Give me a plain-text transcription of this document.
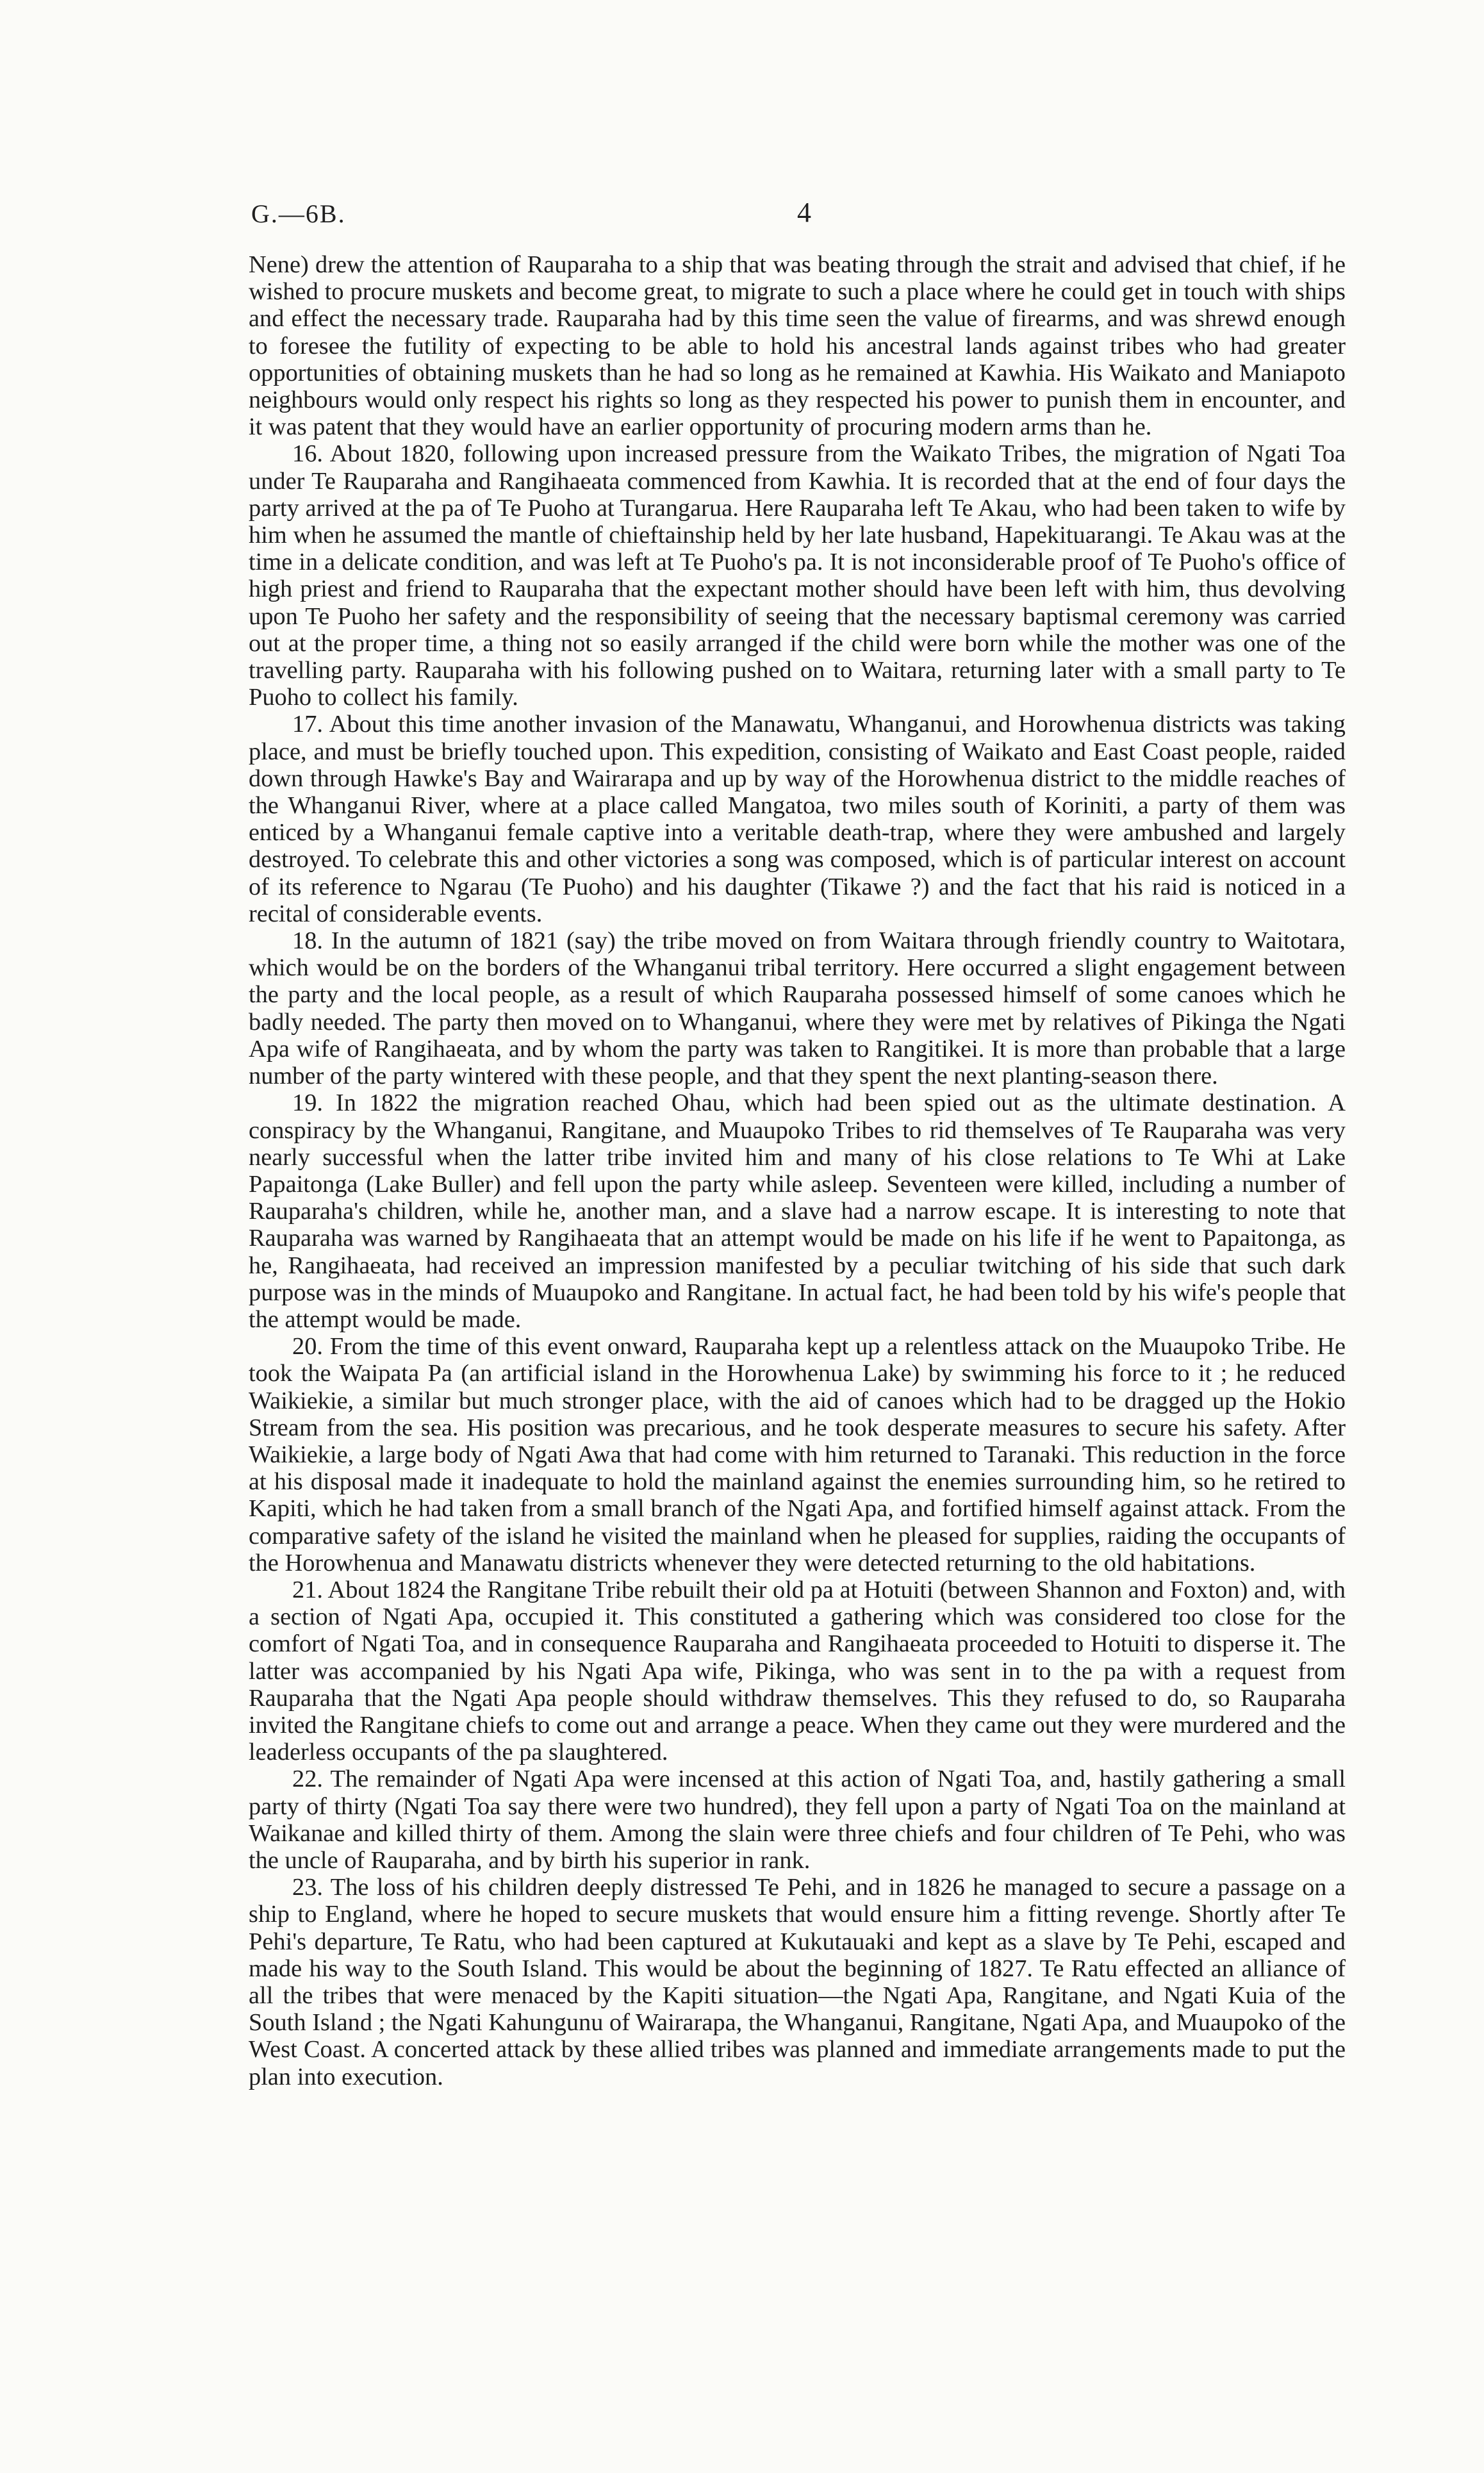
G.—6B.	4

Nene) drew the attention of Rauparaha to a ship that was beating through the strait and advised that chief, if he wished to procure muskets and become great, to migrate to such a place where he could get in touch with ships and effect the necessary trade. Rauparaha had by this time seen the value of firearms, and was shrewd enough to foresee the futility of expecting to be able to hold his ancestral lands against tribes who had greater opportunities of obtaining muskets than he had so long as he remained at Kawhia. His Waikato and Maniapoto neighbours would only respect his rights so long as they respected his power to punish them in encounter, and it was patent that they would have an earlier opportunity of procuring modern arms than he.

16. About 1820, following upon increased pressure from the Waikato Tribes, the migration of Ngati Toa under Te Rauparaha and Rangihaeata commenced from Kawhia. It is recorded that at the end of four days the party arrived at the pa of Te Puoho at Turangarua. Here Rauparaha left Te Akau, who had been taken to wife by him when he assumed the mantle of chieftainship held by her late husband, Hapekituarangi. Te Akau was at the time in a delicate condition, and was left at Te Puoho's pa. It is not inconsiderable proof of Te Puoho's office of high priest and friend to Rauparaha that the expectant mother should have been left with him, thus devolving upon Te Puoho her safety and the responsibility of seeing that the necessary baptismal ceremony was carried out at the proper time, a thing not so easily arranged if the child were born while the mother was one of the travelling party. Rauparaha with his following pushed on to Waitara, returning later with a small party to Te Puoho to collect his family.

17. About this time another invasion of the Manawatu, Whanganui, and Horowhenua districts was taking place, and must be briefly touched upon. This expedition, consisting of Waikato and East Coast people, raided down through Hawke's Bay and Wairarapa and up by way of the Horowhenua district to the middle reaches of the Whanganui River, where at a place called Mangatoa, two miles south of Koriniti, a party of them was enticed by a Whanganui female captive into a veritable death-trap, where they were ambushed and largely destroyed. To celebrate this and other victories a song was composed, which is of particular interest on account of its reference to Ngarau (Te Puoho) and his daughter (Tikawe ?) and the fact that his raid is noticed in a recital of considerable events.

18. In the autumn of 1821 (say) the tribe moved on from Waitara through friendly country to Waitotara, which would be on the borders of the Whanganui tribal territory. Here occurred a slight engagement between the party and the local people, as a result of which Rauparaha possessed himself of some canoes which he badly needed. The party then moved on to Whanganui, where they were met by relatives of Pikinga the Ngati Apa wife of Rangihaeata, and by whom the party was taken to Rangitikei. It is more than probable that a large number of the party wintered with these people, and that they spent the next planting-season there.

19. In 1822 the migration reached Ohau, which had been spied out as the ultimate destination. A conspiracy by the Whanganui, Rangitane, and Muaupoko Tribes to rid themselves of Te Rauparaha was very nearly successful when the latter tribe invited him and many of his close relations to Te Whi at Lake Papaitonga (Lake Buller) and fell upon the party while asleep. Seventeen were killed, including a number of Rauparaha's children, while he, another man, and a slave had a narrow escape. It is interesting to note that Rauparaha was warned by Rangihaeata that an attempt would be made on his life if he went to Papaitonga, as he, Rangihaeata, had received an impression manifested by a peculiar twitching of his side that such dark purpose was in the minds of Muaupoko and Rangitane. In actual fact, he had been told by his wife's people that the attempt would be made.

20. From the time of this event onward, Rauparaha kept up a relentless attack on the Muaupoko Tribe. He took the Waipata Pa (an artificial island in the Horowhenua Lake) by swimming his force to it ; he reduced Waikiekie, a similar but much stronger place, with the aid of canoes which had to be dragged up the Hokio Stream from the sea. His position was precarious, and he took desperate measures to secure his safety. After Waikiekie, a large body of Ngati Awa that had come with him returned to Taranaki. This reduction in the force at his disposal made it inadequate to hold the mainland against the enemies surrounding him, so he retired to Kapiti, which he had taken from a small branch of the Ngati Apa, and fortified himself against attack. From the comparative safety of the island he visited the mainland when he pleased for supplies, raiding the occupants of the Horowhenua and Manawatu districts whenever they were detected returning to the old habitations.

21. About 1824 the Rangitane Tribe rebuilt their old pa at Hotuiti (between Shannon and Foxton) and, with a section of Ngati Apa, occupied it. This constituted a gathering which was considered too close for the comfort of Ngati Toa, and in consequence Rauparaha and Rangihaeata proceeded to Hotuiti to disperse it. The latter was accompanied by his Ngati Apa wife, Pikinga, who was sent in to the pa with a request from Rauparaha that the Ngati Apa people should withdraw themselves. This they refused to do, so Rauparaha invited the Rangitane chiefs to come out and arrange a peace. When they came out they were murdered and the leaderless occupants of the pa slaughtered.

22. The remainder of Ngati Apa were incensed at this action of Ngati Toa, and, hastily gathering a small party of thirty (Ngati Toa say there were two hundred), they fell upon a party of Ngati Toa on the mainland at Waikanae and killed thirty of them. Among the slain were three chiefs and four children of Te Pehi, who was the uncle of Rauparaha, and by birth his superior in rank.

23. The loss of his children deeply distressed Te Pehi, and in 1826 he managed to secure a passage on a ship to England, where he hoped to secure muskets that would ensure him a fitting revenge. Shortly after Te Pehi's departure, Te Ratu, who had been captured at Kukutauaki and kept as a slave by Te Pehi, escaped and made his way to the South Island. This would be about the beginning of 1827. Te Ratu effected an alliance of all the tribes that were menaced by the Kapiti situation—the Ngati Apa, Rangitane, and Ngati Kuia of the South Island ; the Ngati Kahungunu of Wairarapa, the Whanganui, Rangitane, Ngati Apa, and Muaupoko of the West Coast. A concerted attack by these allied tribes was planned and immediate arrangements made to put the plan into execution.
